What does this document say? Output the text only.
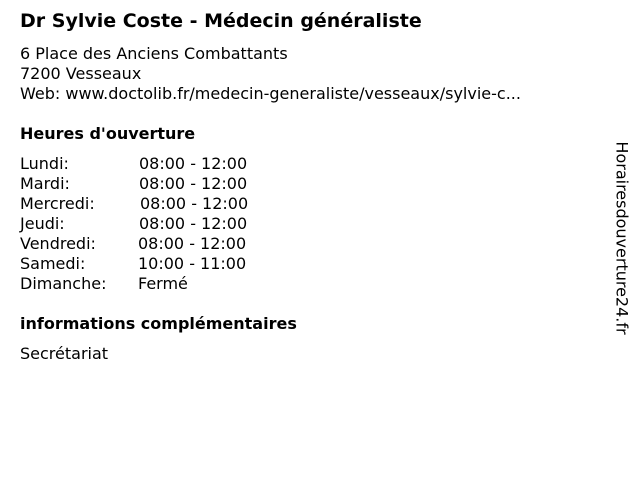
Dr Sylvie Coste - Médecin généraliste
6 Place des Anciens Combattants
7200 Vesseaux
Web: www.doctolib.fr/medecin-generaliste/vesseaux/sylvie-c...
Heures d'ouverture
Lundi:	08:00 - 12:00
Mardi:	08:00 - 12:00
Mercredi:	08:00 - 12:00
Jeudi:	08:00 - 12:00
Vendredi:	08:00 - 12:00
Samedi:	10:00 - 11:00
Dimanche: Fermé
informations complémentaires
Secrétariat
Horairesdouverture24.fr
